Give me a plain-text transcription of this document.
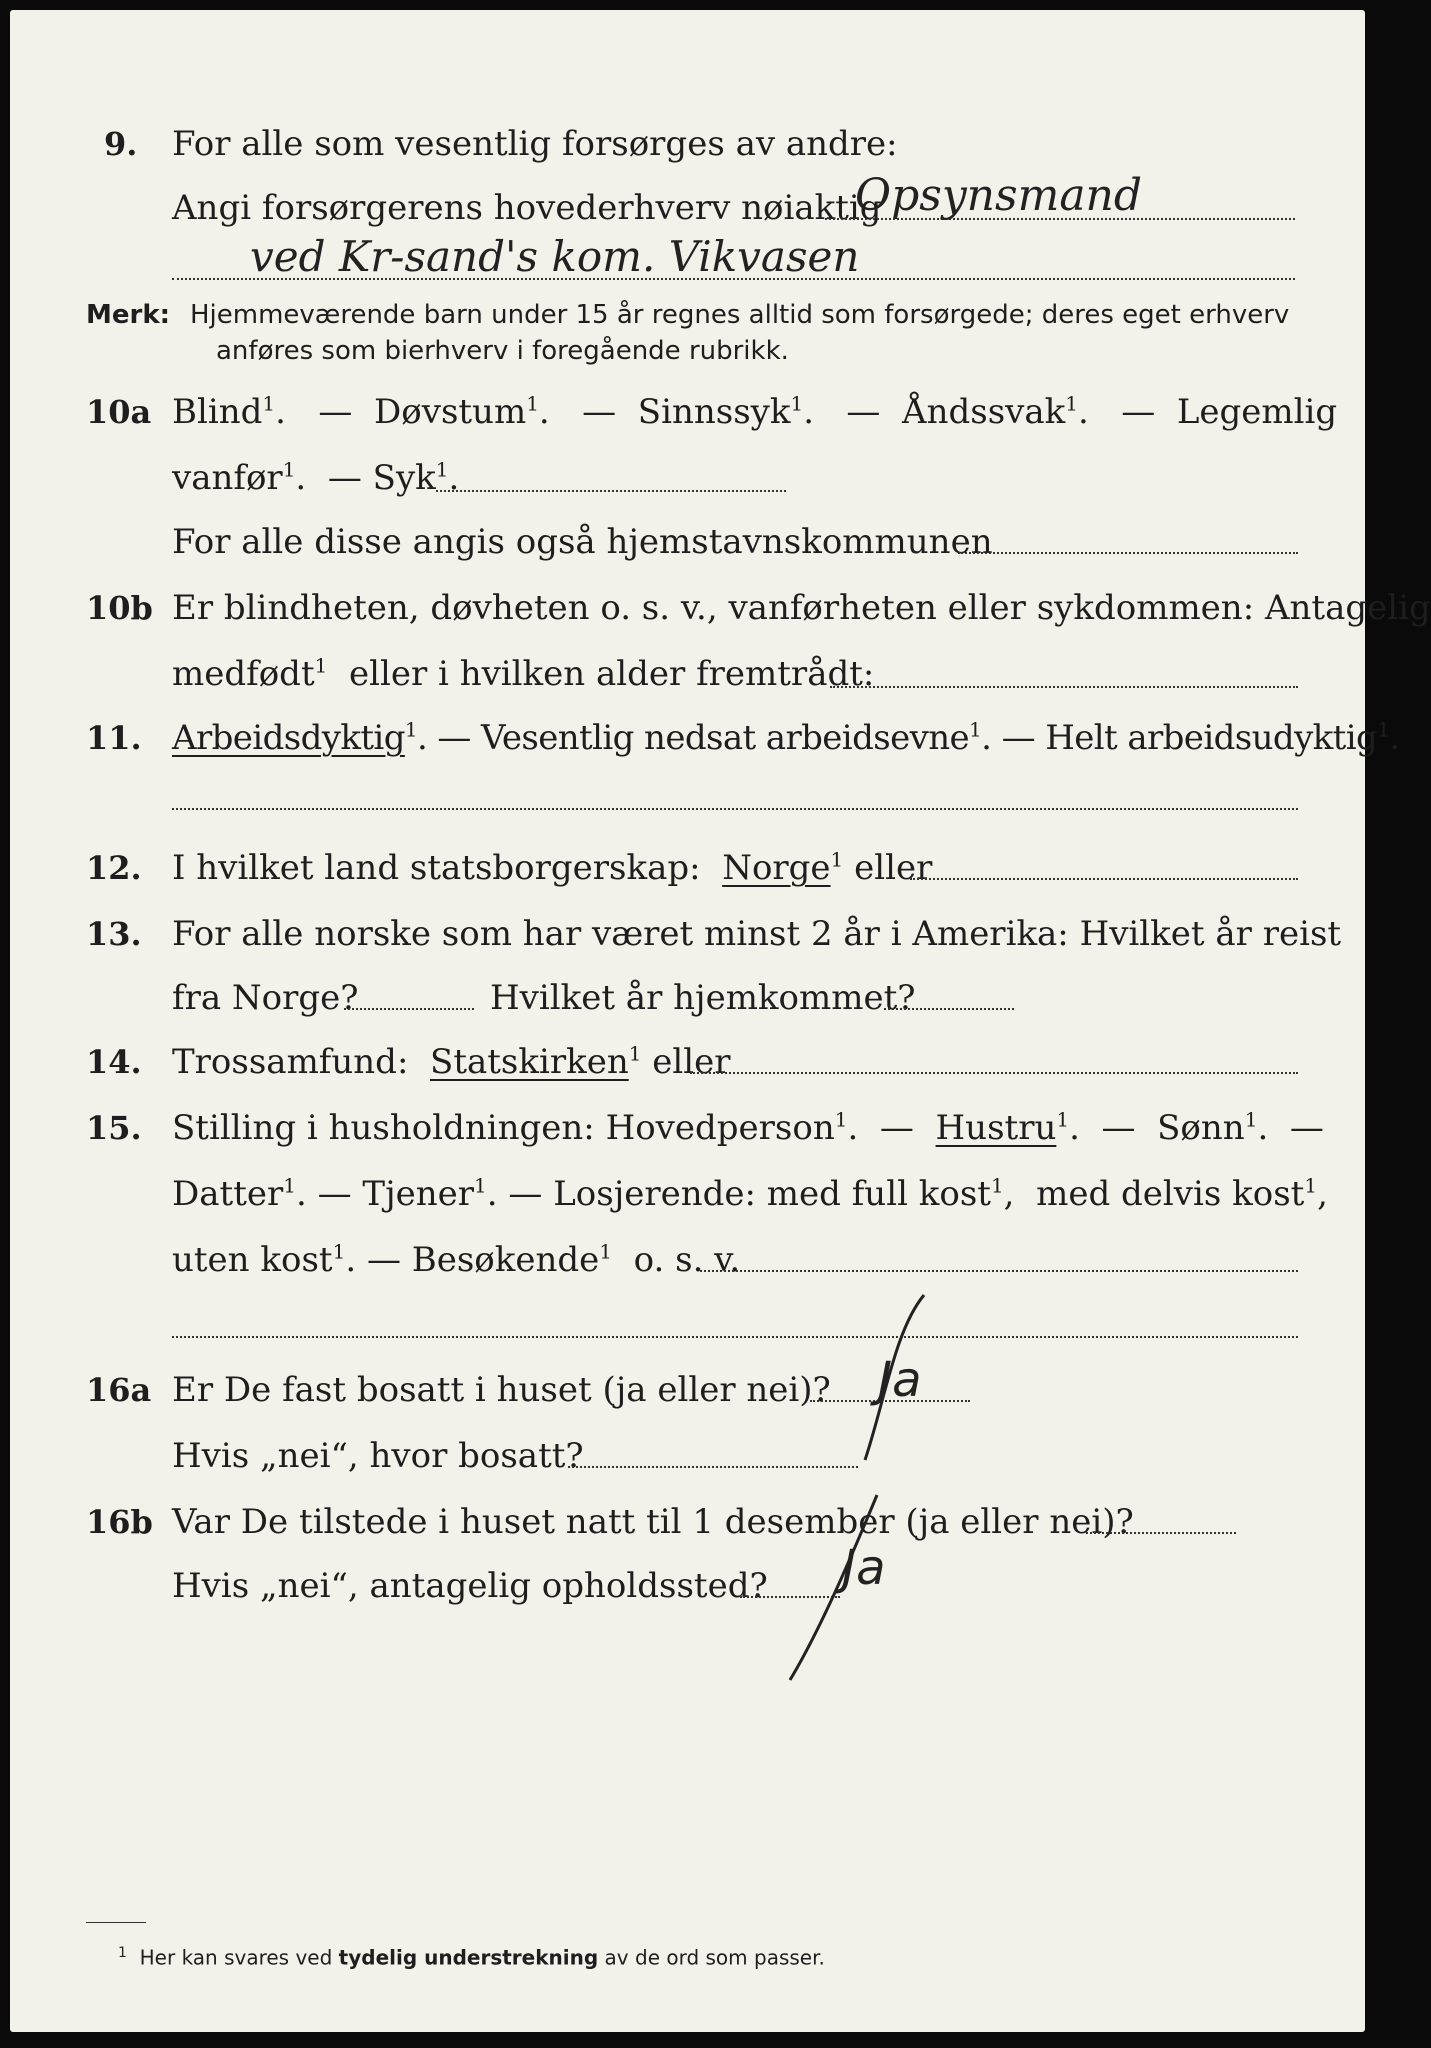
9. For alle som vesentlig forsørges av andre:
Angi forsørgerens hovederhverv nøiaktig
Opsynsmand
ved Kr-sand's kom. Vikvasen
Merk: Hjemmeværende barn under 15 år regnes alltid som forsørgede; deres eget erhverv
anføres som bierhverv i foregående rubrikk.
10a Blind$^1$.   — Døvstum$^1$.   — Sinnssyk$^1$.   — Åndssvak$^1$.   — Legemlig
vanfør$^1$.  — Syk$^1$.
For alle disse angis også hjemstavnskommunen
10b Er blindheten, døvheten o. s. v., vanførheten eller sykdommen: Antagelig
medfødt$^1$ eller i hvilken alder fremtrådt:
11. Arbeidsdyktig$^1$. — Vesentlig nedsat arbeidsevne$^1$. — Helt arbeidsudyktig$^1$.
12. I hvilket land statsborgerskap: Norge$^1$ eller
13. For alle norske som har været minst 2 år i Amerika: Hvilket år reist
fra Norge?	Hvilket år hjemkommet?
14. Trossamfund: Statskirken$^1$ eller
15. Stilling i husholdningen: Hovedperson$^1$.  — Hustru$^1$.  — Sønn$^1$.  —
Datter$^1$. — Tjener$^1$. — Losjerende: med full kost$^1$,  med delvis kost$^1$,
uten kost$^1$. — Besøkende$^1$ o. s. v.
16a Er De fast bosatt i huset (ja eller nei)?
Hvis „nei“, hvor bosatt?
Ja
16b Var De tilstede i huset natt til 1 desember (ja eller nei)?
Hvis „nei“, antagelig opholdssted? Ja
$^1$ Her kan svares ved tydelig understrekning av de ord som passer.
